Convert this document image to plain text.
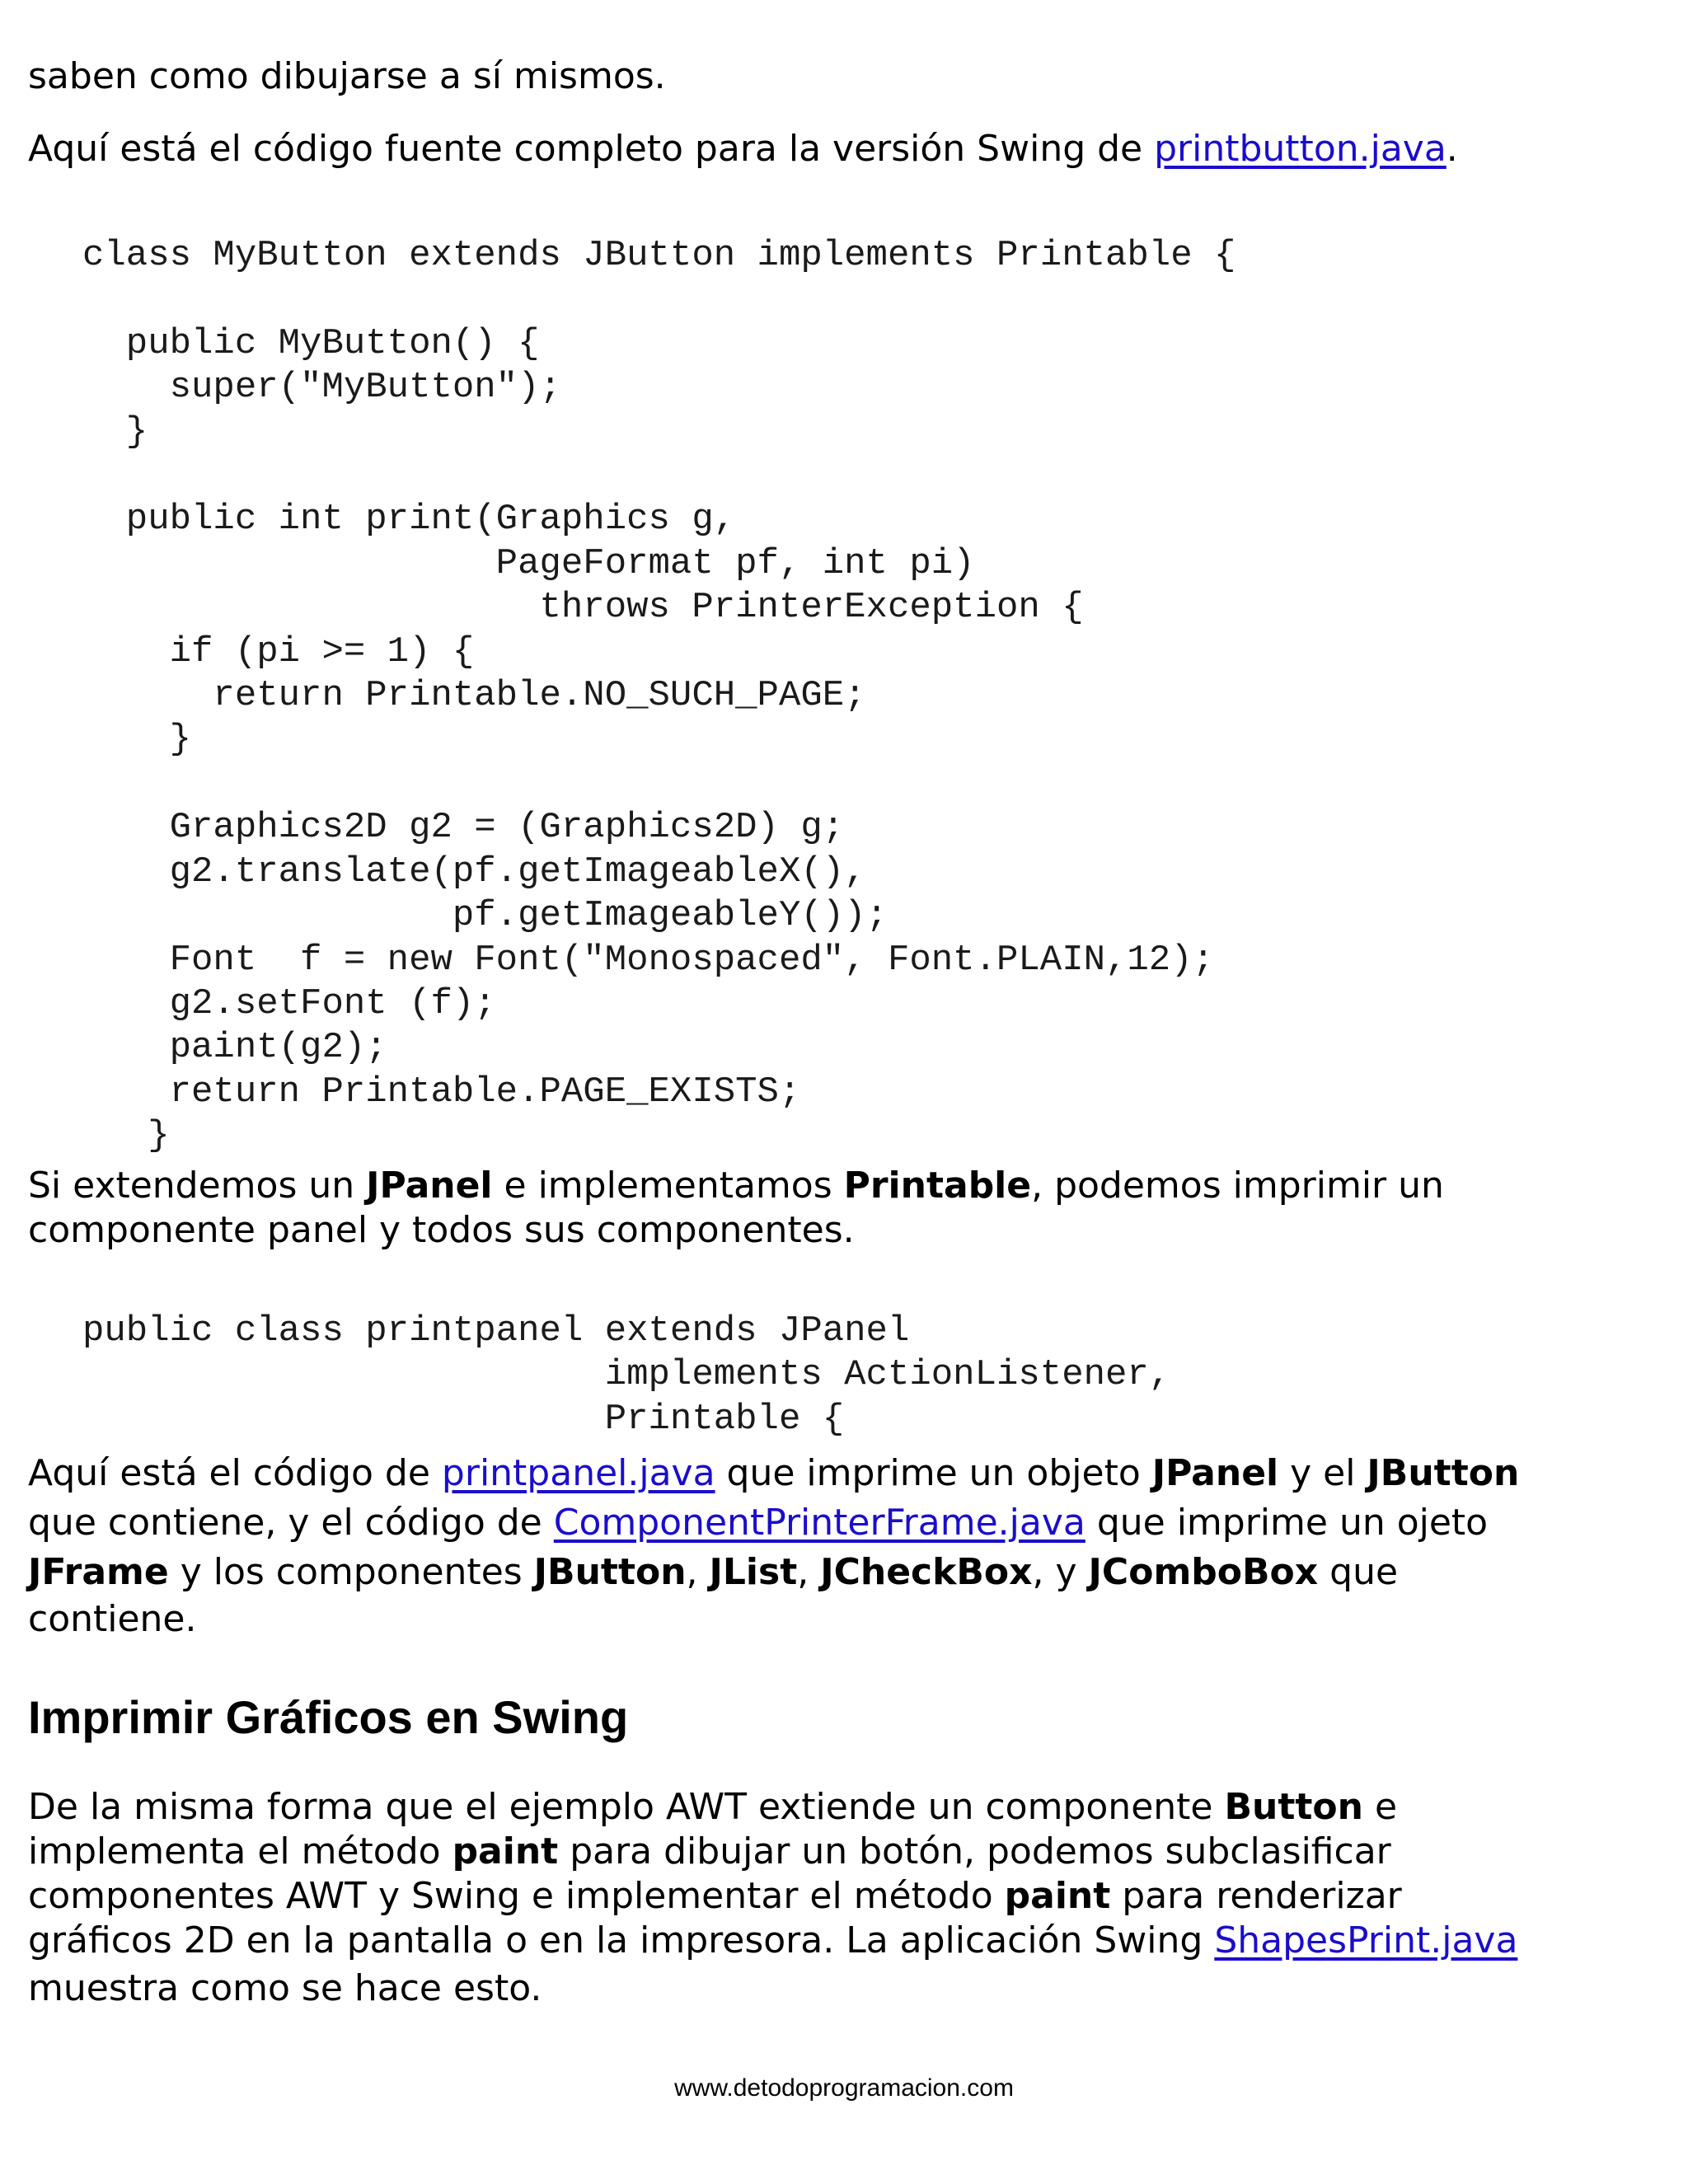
saben como dibujarse a sí mismos.
Aquí está el código fuente completo para la versión Swing de printbutton.java.
class MyButton extends JButton implements Printable {

public MyButton() {
super("MyButton");
}

public int print(Graphics g,
PageFormat pf, int pi)
throws PrinterException {
if (pi >= 1) {
return Printable.NO_SUCH_PAGE;
}

Graphics2D g2 = (Graphics2D) g;
g2.translate(pf.getImageableX(),
pf.getImageableY());
Font  f = new Font("Monospaced", Font.PLAIN,12);
g2.setFont (f);
paint(g2);
return Printable.PAGE_EXISTS;
}
Si extendemos un JPanel e implementamos Printable, podemos imprimir un
componente panel y todos sus componentes.
public class printpanel extends JPanel
implements ActionListener,
Printable {
Aquí está el código de printpanel.java que imprime un objeto JPanel y el JButton
que contiene, y el código de ComponentPrinterFrame.java que imprime un ojeto
JFrame y los componentes JButton, JList, JCheckBox, y JComboBox que
contiene.
Imprimir Gráficos en Swing
De la misma forma que el ejemplo AWT extiende un componente Button e
implementa el método paint para dibujar un botón, podemos subclasificar
componentes AWT y Swing e implementar el método paint para renderizar
gráficos 2D en la pantalla o en la impresora. La aplicación Swing ShapesPrint.java
muestra como se hace esto.
www.detodoprogramacion.com
